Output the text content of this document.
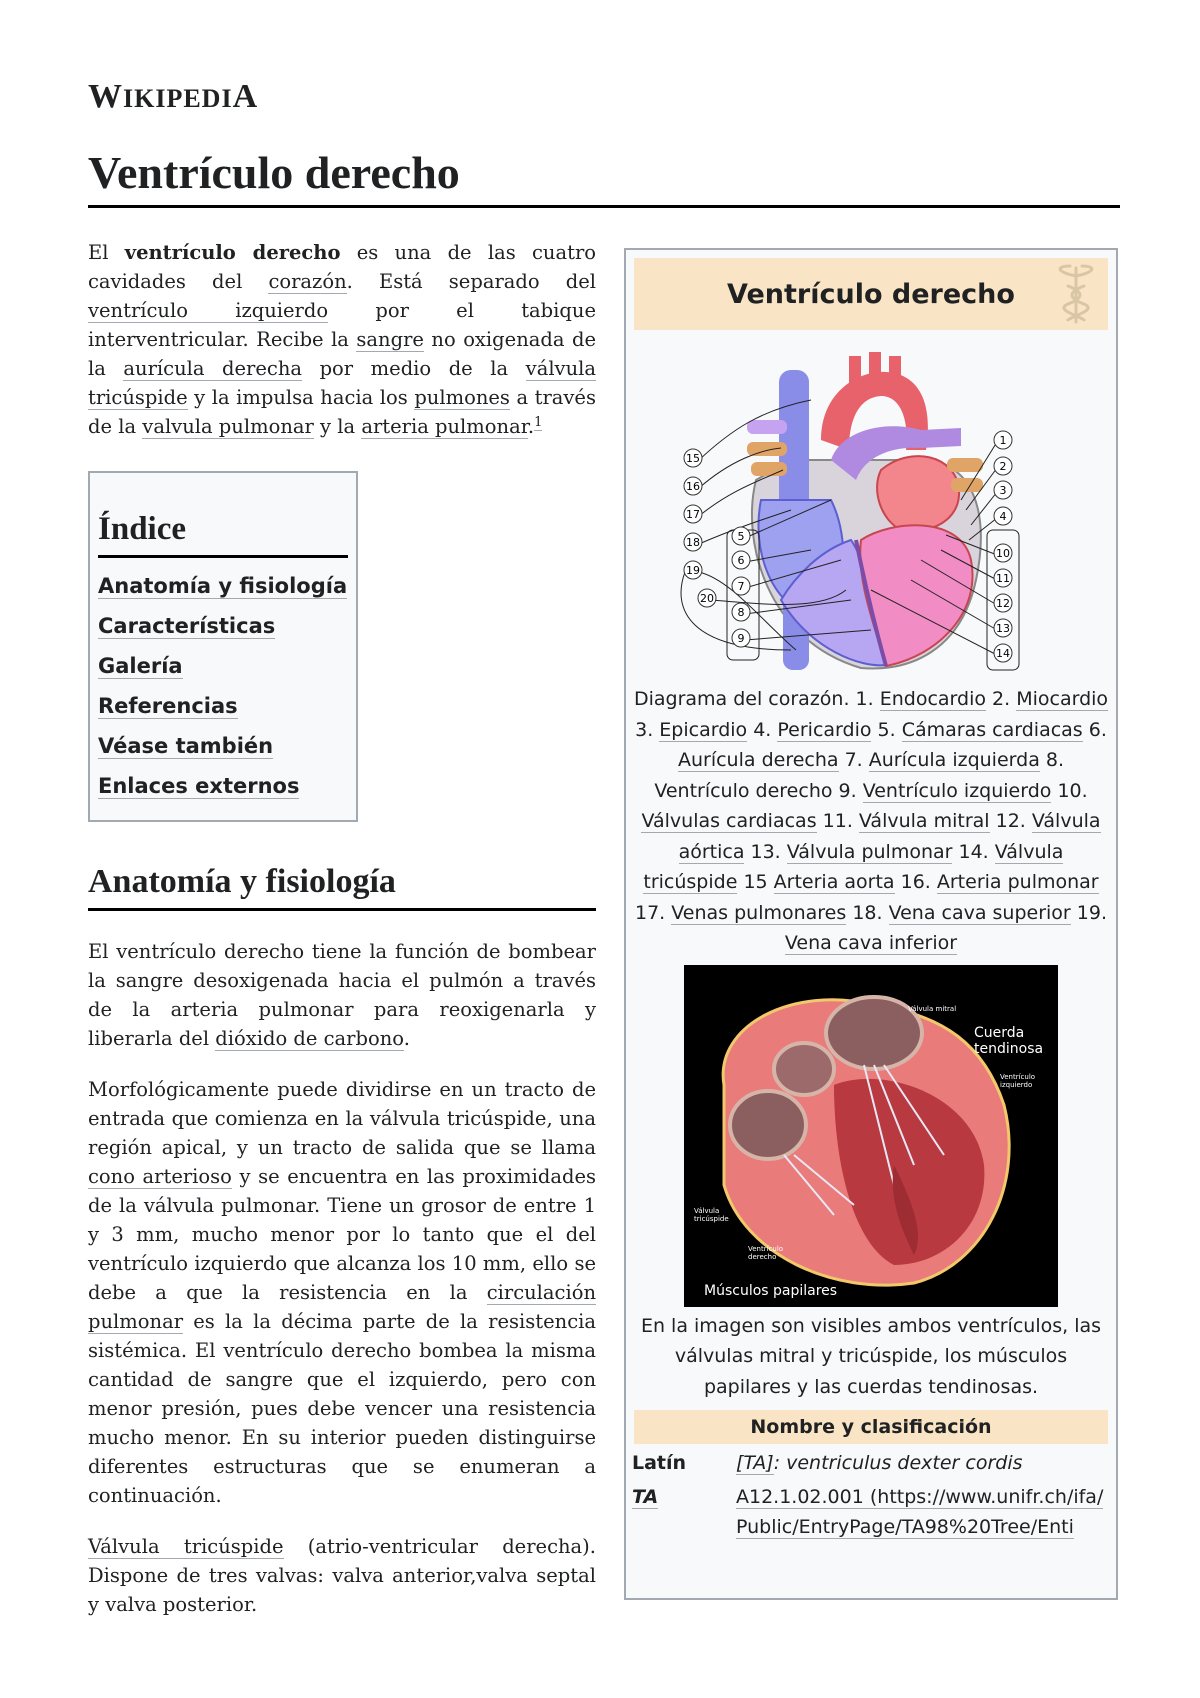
WIKIPEDIA
Ventrículo derecho

El ventrículo derecho es una de las cuatro cavidades del corazón. Está separado del ventrículo izquierdo por el tabique interventricular. Recibe la sangre no oxigenada de la aurícula derecha por medio de la válvula tricúspide y la impulsa hacia los pulmones a través de la valvula pulmonar y la arteria pulmonar.$^1$

Índice
Anatomía y fisiología
Características
Galería
Referencias
Véase también
Enlaces externos
Anatomía y fisiología

El ventrículo derecho tiene la función de bombear la sangre desoxigenada hacia el pulmón a través de la arteria pulmonar para reoxigenarla y liberarla del dióxido de carbono.

Morfológicamente puede dividirse en un tracto de entrada que comienza en la válvula tricúspide, una región apical, y un tracto de salida que se llama cono arterioso y se encuentra en las proximidades de la válvula pulmonar. Tiene un grosor de entre 1 y 3 mm, mucho menor por lo tanto que el del ventrículo izquierdo que alcanza los 10 mm, ello se debe a que la resistencia en la circulación pulmonar es la la décima parte de la resistencia sistémica. El ventrículo derecho bombea la misma cantidad de sangre que el izquierdo, pero con menor presión, pues debe vencer una resistencia mucho menor. En su interior pueden distinguirse diferentes estructuras que se enumeran a continuación.

Válvula tricúspide (atrio-ventricular derecha). Dispone de tres valvas: valva anterior,valva septal y valva posterior.

Ventrículo derecho
1
2
3
4
5
6
7
8
9
10
11
12
13
14
15
16
17
18
19
20
Diagrama del corazón. 1. Endocardio 2. Miocardio 3. Epicardio 4. Pericardio 5. Cámaras cardiacas 6. Aurícula derecha 7. Aurícula izquierda 8. Ventrículo derecho 9. Ventrículo izquierdo 10. Válvulas cardiacas 11. Válvula mitral 12. Válvula aórtica 13. Válvula pulmonar 14. Válvula tricúspide 15 Arteria aorta 16. Arteria pulmonar 17. Venas pulmonares 18. Vena cava superior 19. Vena cava inferior
Válvula mitral
Cuerda
tendinosa
Ventrículo
izquierdo
Válvula
tricúspide
Ventrículo
derecho
Músculos papilares
En la imagen son visibles ambos ventrículos, las válvulas mitral y tricúspide, los músculos papilares y las cuerdas tendinosas.
Nombre y clasificación
Latín	[TA]: ventriculus dexter cordis
TA	A12.1.02.001 (https://www.unifr.ch/ifa/Public/EntryPage/TA98%20Tree/Enti
